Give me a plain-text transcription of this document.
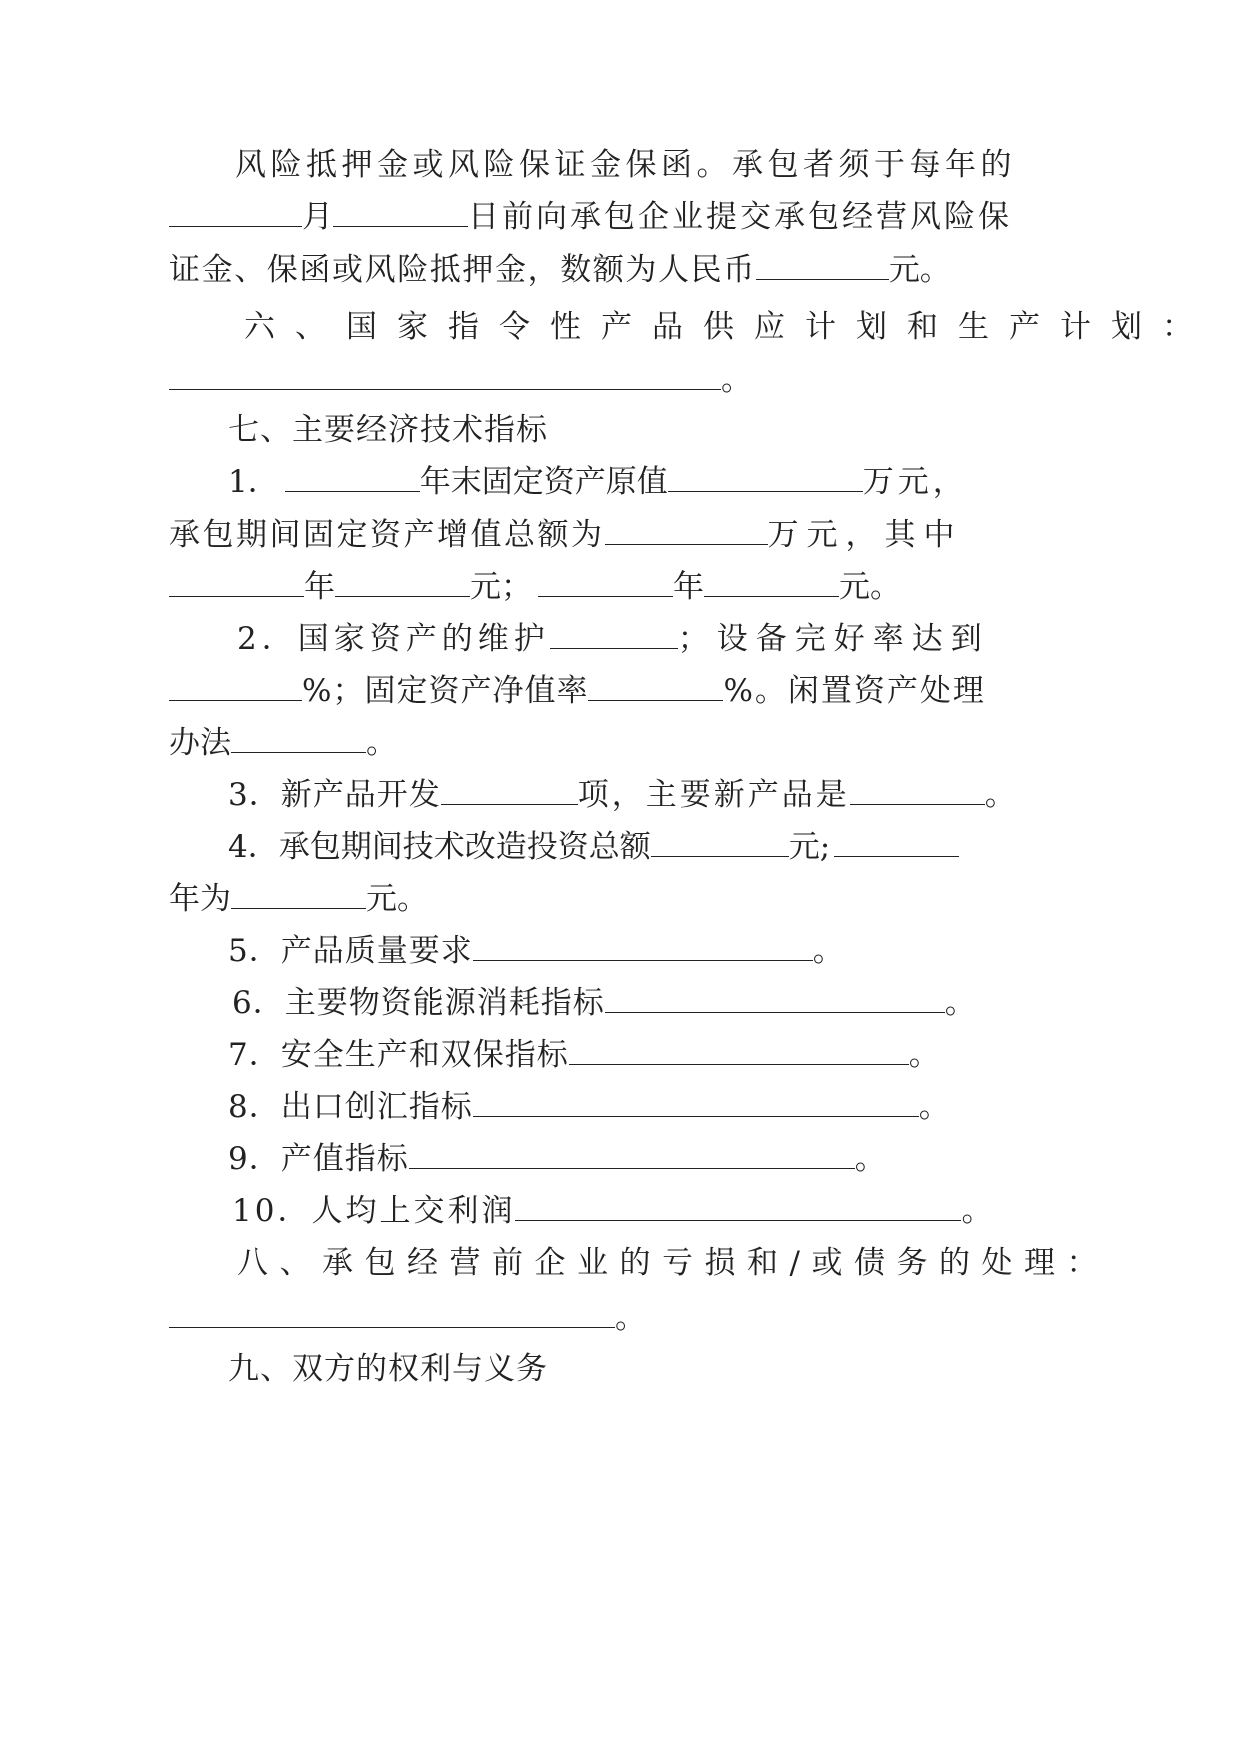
风险抵押金或风险保证金保函。承包者须于每年的
月	日前向承包企业提交承包经营风险保
证金、保函或风险抵押金，数额为人民币	元。
六、国家指令性产品供应计划和生产计划：
。
七、主要经济技术指标
1．	年末固定资产原值	万元，
承包期间固定资产增值总额为	万元，其中
年	元；	年	元。
2．国家资产的维护	；设备完好率达到
%；固定资产净值率	%。闲置资产处理
办法	。
3．新产品开发	项，主要新产品是	。
4．承包期间技术改造投资总额	元;
年为	元。
5．产品质量要求	。
6．主要物资能源消耗指标	。
7．安全生产和双保指标	。
8．出口创汇指标	。
9．产值指标	。
10．人均上交利润	。
八、承包经营前企业的亏损和/或债务的处理：
。
九、双方的权利与义务
